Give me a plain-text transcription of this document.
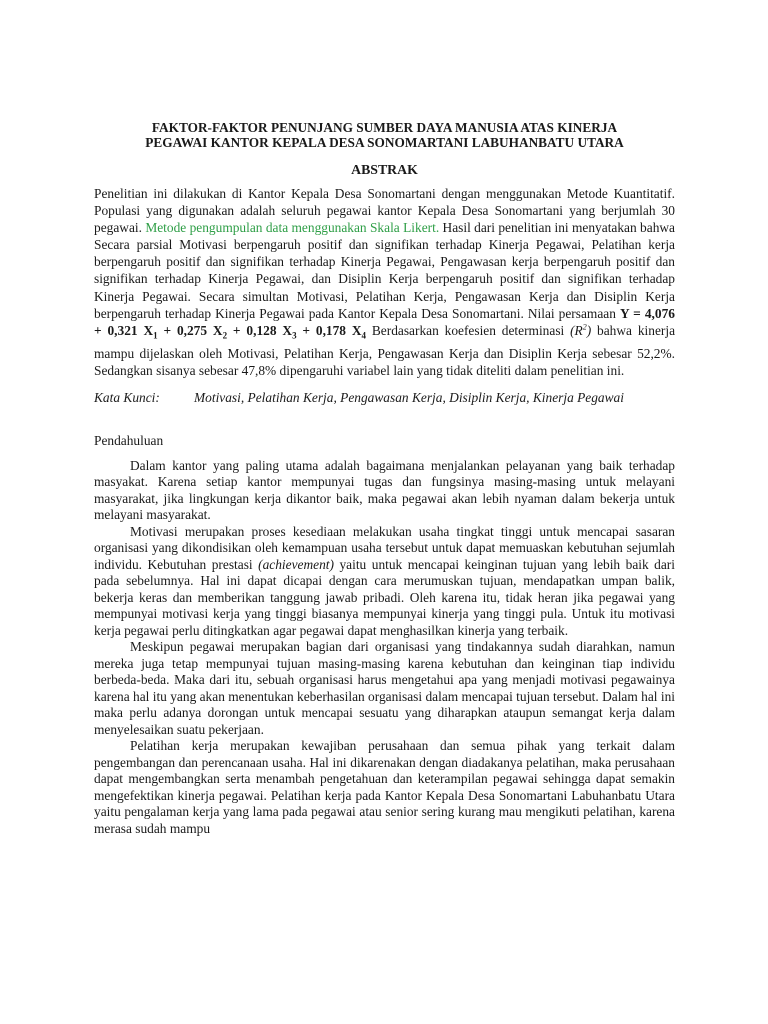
FAKTOR-FAKTOR PENUNJANG SUMBER DAYA MANUSIA ATAS KINERJA
PEGAWAI KANTOR KEPALA DESA SONOMARTANI LABUHANBATU UTARA
ABSTRAK

Penelitian ini dilakukan di Kantor Kepala Desa Sonomartani dengan menggunakan Metode Kuantitatif. Populasi yang digunakan adalah seluruh pegawai kantor Kepala Desa Sonomartani yang berjumlah 30 pegawai. Metode pengumpulan data menggunakan Skala Likert. Hasil dari penelitian ini menyatakan bahwa Secara parsial Motivasi berpengaruh positif dan signifikan terhadap Kinerja Pegawai, Pelatihan kerja berpengaruh positif dan signifikan terhadap Kinerja Pegawai, Pengawasan kerja berpengaruh positif dan signifikan terhadap Kinerja Pegawai, dan Disiplin Kerja berpengaruh positif dan signifikan terhadap Kinerja Pegawai. Secara simultan Motivasi, Pelatihan Kerja, Pengawasan Kerja dan Disiplin Kerja berpengaruh terhadap Kinerja Pegawai pada Kantor Kepala Desa Sonomartani. Nilai persamaan Y = 4,076 + 0,321 $X_1 + 0,275$ $X_2 + 0,128$ $X_3 + 0,178$ $X_4$ Berdasarkan koefesien determinasi $(R^2)$ bahwa kinerja mampu dijelaskan oleh Motivasi, Pelatihan Kerja, Pengawasan Kerja dan Disiplin Kerja sebesar 52,2%. Sedangkan sisanya sebesar 47,8% dipengaruhi variabel lain yang tidak diteliti dalam penelitian ini.

Kata Kunci:	Motivasi, Pelatihan Kerja, Pengawasan Kerja, Disiplin Kerja, Kinerja Pegawai
Pendahuluan

Dalam kantor yang paling utama adalah bagaimana menjalankan pelayanan yang baik terhadap masyakat. Karena setiap kantor mempunyai tugas dan fungsinya masing-masing untuk melayani masyarakat, jika lingkungan kerja dikantor baik, maka pegawai akan lebih nyaman dalam bekerja untuk melayani masyarakat.

Motivasi merupakan proses kesediaan melakukan usaha tingkat tinggi untuk mencapai sasaran organisasi yang dikondisikan oleh kemampuan usaha tersebut untuk dapat memuaskan kebutuhan sejumlah individu. Kebutuhan prestasi (achievement) yaitu untuk mencapai keinginan tujuan yang lebih baik dari pada sebelumnya. Hal ini dapat dicapai dengan cara merumuskan tujuan, mendapatkan umpan balik, bekerja keras dan memberikan tanggung jawab pribadi. Oleh karena itu, tidak heran jika pegawai yang mempunyai motivasi kerja yang tinggi biasanya mempunyai kinerja yang tinggi pula. Untuk itu motivasi kerja pegawai perlu ditingkatkan agar pegawai dapat menghasilkan kinerja yang terbaik.

Meskipun pegawai merupakan bagian dari organisasi yang tindakannya sudah diarahkan, namun mereka juga tetap mempunyai tujuan masing-masing karena kebutuhan dan keinginan tiap individu berbeda-beda. Maka dari itu, sebuah organisasi harus mengetahui apa yang menjadi motivasi pegawainya karena hal itu yang akan menentukan keberhasilan organisasi dalam mencapai tujuan tersebut. Dalam hal ini maka perlu adanya dorongan untuk mencapai sesuatu yang diharapkan ataupun semangat kerja dalam menyelesaikan suatu pekerjaan.

Pelatihan kerja merupakan kewajiban perusahaan dan semua pihak yang terkait dalam pengembangan dan perencanaan usaha. Hal ini dikarenakan dengan diadakanya pelatihan, maka perusahaan dapat mengembangkan serta menambah pengetahuan dan keterampilan pegawai sehingga dapat semakin mengefektikan kinerja pegawai. Pelatihan kerja pada Kantor Kepala Desa Sonomartani Labuhanbatu Utara yaitu pengalaman kerja yang lama pada pegawai atau senior sering kurang mau mengikuti pelatihan, karena merasa sudah mampu
